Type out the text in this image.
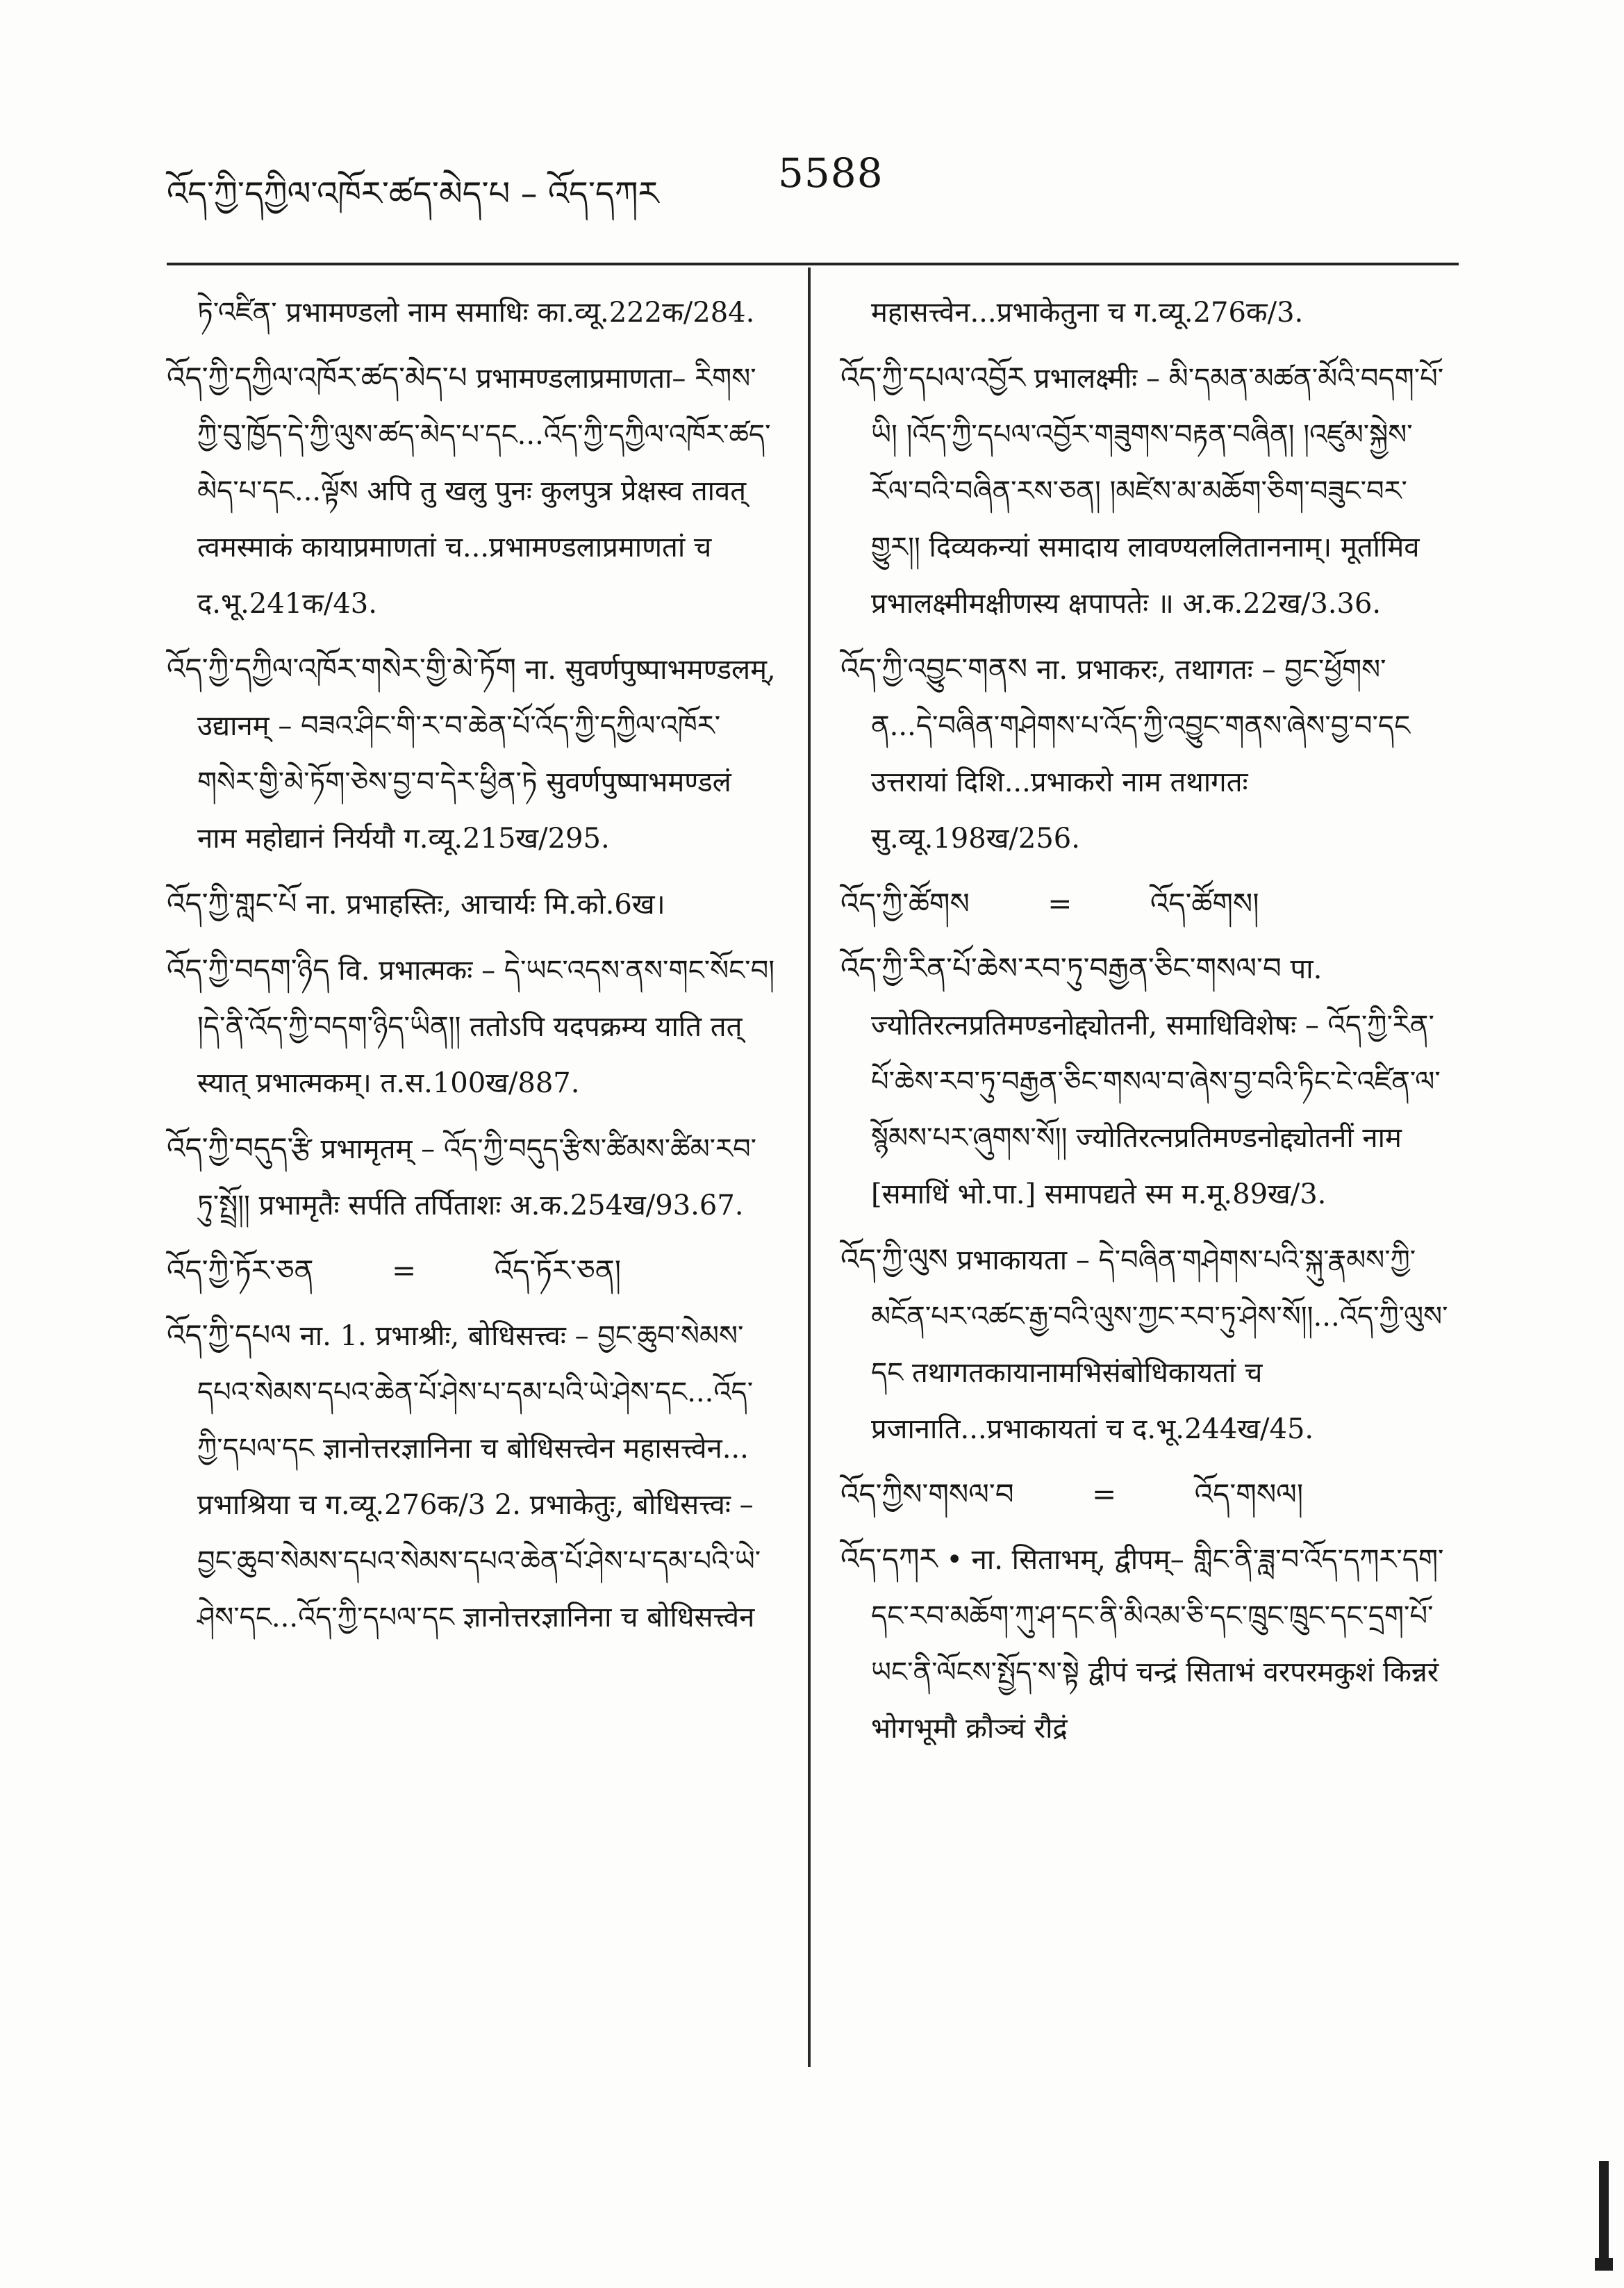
འོད་ཀྱི་དཀྱིལ་འཁོར་ཚད་མེད་པ – འོད་དཀར	5588

ཏེ་འཛིན་ प्रभामण्डलो नाम समाधिः का.व्यू.222क/284.

འོད་ཀྱི་དཀྱིལ་འཁོར་ཚད་མེད་པ प्रभामण्डलाप्रमाणता– རིགས་ཀྱི་བུ་ཁྱོད་དེ་ཀྱི་ལུས་ཚད་མེད་པ་དང...འོད་ཀྱི་དཀྱིལ་འཁོར་ཚད་མེད་པ་དང...ལྟོས अपि तु खलु पुनः कुलपुत्र प्रेक्षस्व तावत् त्वमस्माकं कायाप्रमाणतां च...प्रभामण्डलाप्रमाणतां च द.भू.241क/43.

འོད་ཀྱི་དཀྱིལ་འཁོར་གསེར་གྱི་མེ་ཏོག ना. सुवर्णपुष्पाभमण्डलम्, उद्यानम् – བཟའ་ཤིང་གི་ར་བ་ཆེན་པོ་འོད་ཀྱི་དཀྱིལ་འཁོར་གསེར་གྱི་མེ་ཏོག་ཅེས་བྱ་བ་དེར་ཕྱིན་ཏེ सुवर्णपुष्पाभमण्डलं नाम महोद्यानं निर्ययौ ग.व्यू.215ख/295.

འོད་ཀྱི་གླང་པོ ना. प्रभाहस्तिः, आचार्यः मि.को.6ख।

འོད་ཀྱི་བདག་ཉིད वि. प्रभात्मकः – དེ་ཡང་འདས་ནས་གང་སོང་བ། །དེ་ནི་འོད་ཀྱི་བདག་ཉིད་ཡིན།། ततोऽपि यदपक्रम्य याति तत् स्यात् प्रभात्मकम्। त.स.100ख/887.

འོད་ཀྱི་བདུད་རྩི प्रभामृतम् – འོད་ཀྱི་བདུད་རྩིས་ཚིམས་ཚིམ་རབ་ཏུ་སྤྲོ།། प्रभामृतैः सर्पति तर्पिताशः अ.क.254ख/93.67.

འོད་ཀྱི་ཏོར་ཅན	=	འོད་ཏོར་ཅན།

འོད་ཀྱི་དཔལ ना. 1. प्रभाश्रीः, बोधिसत्त्वः – བྱང་ཆུབ་སེམས་དཔའ་སེམས་དཔའ་ཆེན་པོ་ཤེས་པ་དམ་པའི་ཡེ་ཤེས་དང...འོད་ཀྱི་དཔལ་དང ज्ञानोत्तरज्ञानिना च बोधिसत्त्वेन महासत्त्वेन... प्रभाश्रिया च ग.व्यू.276क/3 2. प्रभाकेतुः, बोधिसत्त्वः – བྱང་ཆུབ་སེམས་དཔའ་སེམས་དཔའ་ཆེན་པོ་ཤེས་པ་དམ་པའི་ཡེ་ཤེས་དང...འོད་ཀྱི་དཔལ་དང ज्ञानोत्तरज्ञानिना च बोधिसत्त्वेन

महासत्त्वेन...प्रभाकेतुना च ग.व्यू.276क/3.

འོད་ཀྱི་དཔལ་འབྱོར प्रभालक्ष्मीः – མི་དམན་མཚན་མོའི་བདག་པོ་ཡི། །འོད་ཀྱི་དཔལ་འབྱོར་གཟུགས་བརྟན་བཞིན། །འཛུམ་སྐྱེས་རོལ་བའི་བཞིན་རས་ཅན། །མཛེས་མ་མཆོག་ཅིག་བཟུང་བར་གྱུར།། दिव्यकन्यां समादाय लावण्यललिताननाम्। मूर्तामिव प्रभालक्ष्मीमक्षीणस्य क्षपापतेः ॥ अ.क.22ख/3.36.

འོད་ཀྱི་འབྱུང་གནས ना. प्रभाकरः, तथागतः – བྱང་ཕྱོགས་ན...དེ་བཞིན་གཤེགས་པ་འོད་ཀྱི་འབྱུང་གནས་ཞེས་བྱ་བ་དང उत्तरायां दिशि...प्रभाकरो नाम तथागतः सु.व्यू.198ख/256.

འོད་ཀྱི་ཚོགས	=	འོད་ཚོགས།

འོད་ཀྱི་རིན་པོ་ཆེས་རབ་ཏུ་བརྒྱན་ཅིང་གསལ་བ पा. ज्योतिरत्नप्रतिमण्डनोद्द्योतनी, समाधिविशेषः – འོད་ཀྱི་རིན་པོ་ཆེས་རབ་ཏུ་བརྒྱན་ཅིང་གསལ་བ་ཞེས་བྱ་བའི་ཏིང་ངེ་འཛིན་ལ་སྙོམས་པར་ཞུགས་སོ།། ज्योतिरत्नप्रतिमण्डनोद्द्योतनीं नाम [समाधिं भो.पा.] समापद्यते स्म म.मू.89ख/3.

འོད་ཀྱི་ལུས प्रभाकायता – དེ་བཞིན་གཤེགས་པའི་སྐུ་རྣམས་ཀྱི་མངོན་པར་འཚང་རྒྱ་བའི་ལུས་ཀྱང་རབ་ཏུ་ཤེས་སོ།།...འོད་ཀྱི་ལུས་དང तथागतकायानामभिसंबोधिकायतां च प्रजानाति...प्रभाकायतां च द.भू.244ख/45.

འོད་ཀྱིས་གསལ་བ	=	འོད་གསལ།

འོད་དཀར • ना. सिताभम्, द्वीपम्– གླིང་ནི་ཟླ་བ་འོད་དཀར་དག་དང་རབ་མཆོག་ཀུ་ཤ་དང་ནི་མིའམ་ཅི་དང་ཁྲུང་ཁྲུང་དང་དྲག་པོ་ཡང་ནི་ལོངས་སྤྱོད་ས་སྟེ द्वीपं चन्द्रं सिताभं वरपरमकुशं किन्नरं भोगभूमौ क्रौञ्चं रौद्रं
